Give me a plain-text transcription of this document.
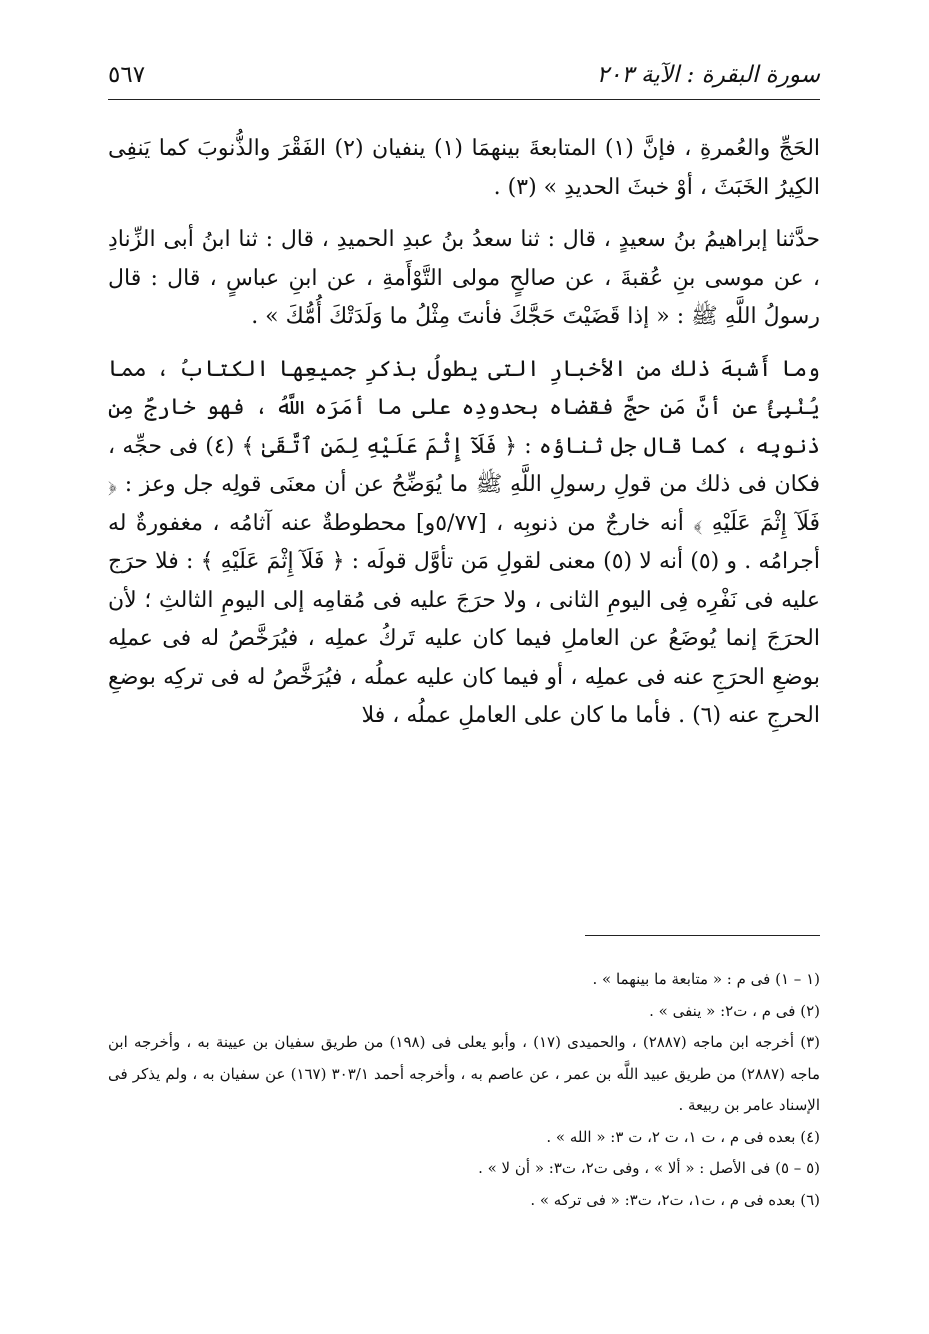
سورة البقرة : الآية ٢٠٣
٥٦٧

الحَجِّ والعُمرةِ ، فإنَّ (١) المتابعةَ بينهمَا (١) ينفيان (٢) الفَقْرَ والذُّنوبَ كما يَنفِى الكِيرُ الخَبَثَ ، أوْ خبثَ الحديدِ » (٣) .

حدَّثنا إبراهيمُ بنُ سعيدٍ ، قال : ثنا سعدُ بنُ عبدِ الحميدِ ، قال : ثنا ابنُ أبى الزِّنادِ ، عن موسى بنِ عُقبةَ ، عن صالحٍ مولى التَّوْأَمةِ ، عن ابنِ عباسٍ ، قال : قال رسولُ اللَّهِ ﷺ : « إذا قَضَيْتَ حَجَّكَ فأنتَ مِثْلُ ما وَلَدَتْكَ أُمُّكَ » .

وما أَشبهَ ذلك من الأخبارِ التى يطولُ بذكرِ جميعِها الكتابُ ، مما يُنْبِئُ عن أنَّ مَن حجَّ فقضاه بحدودِه على ما أمَرَه اللَّهُ ، فهو خارجٌ مِن ذنوبِه ، كما قال جل ثناؤه : ﴿ فَلَآ إِثْمَ عَلَيْهِ لِمَنِ ٱتَّقَىٰ ﴾ (٤) فى حجِّه ، فكان فى ذلك من قولِ رسولِ اللَّهِ ﷺ ما يُوَضِّحُ عن أن معنَى قولِه جل وعز : ﴿ فَلَآ إِثْمَ عَلَيْهِ ﴾ أنه خارجٌ من ذنوبِه ، [٥/٧٧و] محطوطةٌ عنه آثامُه ، مغفورةٌ له أجرامُه . و (٥) أنه لا (٥) معنى لقولِ مَن تأوَّل قولَه : ﴿ فَلَآ إِثْمَ عَلَيْهِ ﴾ : فلا حرَج عليه فى نَفْرِه فِى اليومِ الثانى ، ولا حرَجَ عليه فى مُقامِه إلى اليومِ الثالثِ ؛ لأن الحرَجَ إنما يُوضَعُ عن العاملِ فيما كان عليه تَركُ عملِه ، فيُرَخَّصُ له فى عملِه بوضعِ الحرَجِ عنه فى عملِه ، أو فيما كان عليه عملُه ، فيُرَخَّصُ له فى تركِه بوضعِ الحرجِ عنه (٦) . فأما ما كان على العاملِ عملُه ، فلا

(١ – ١) فى م : « متابعة ما بينهما » .

(٢) فى م ، ت٢: « ينفى » .

(٣) أخرجه ابن ماجه (٢٨٨٧) ، والحميدى (١٧) ، وأبو يعلى فى (١٩٨) من طريق سفيان بن عيينة به ، وأخرجه ابن ماجه (٢٨٨٧) من طريق عبيد اللَّه بن عمر ، عن عاصم به ، وأخرجه أحمد ٣٠٣/١ (١٦٧) عن سفيان به ، ولم يذكر فى الإسناد عامر بن ربيعة .

(٤) بعده فى م ، ت ١، ت ٢، ت ٣: « الله » .

(٥ – ٥) فى الأصل : « ألا » ، وفى ت٢، ت٣: « أن لا » .

(٦) بعده فى م ، ت١، ت٢، ت٣: « فى تركه » .
